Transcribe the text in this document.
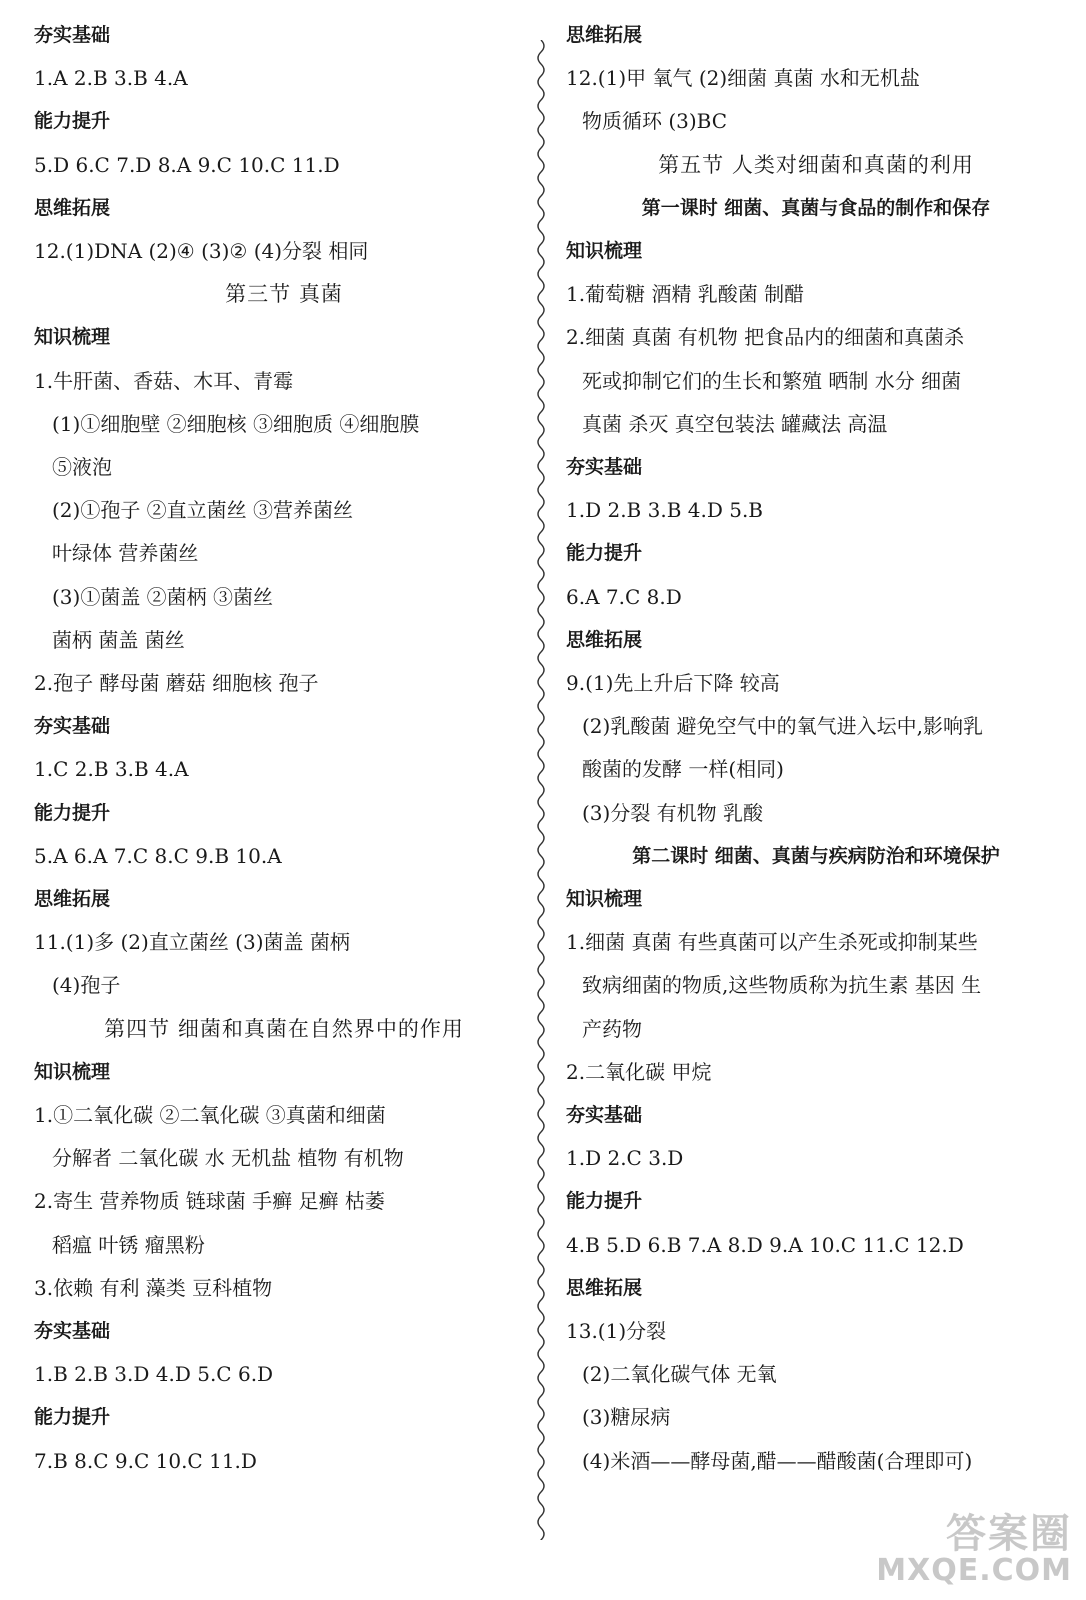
夯实基础
1.A 2.B 3.B 4.A
能力提升
5.D 6.C 7.D 8.A 9.C 10.C 11.D
思维拓展
12.(1)DNA (2)④ (3)② (4)分裂 相同
第三节 真菌
知识梳理
1.牛肝菌、香菇、木耳、青霉
(1)①细胞壁 ②细胞核 ③细胞质 ④细胞膜
⑤液泡
(2)①孢子 ②直立菌丝 ③营养菌丝
叶绿体 营养菌丝
(3)①菌盖 ②菌柄 ③菌丝
菌柄 菌盖 菌丝
2.孢子 酵母菌 蘑菇 细胞核 孢子
夯实基础
1.C 2.B 3.B 4.A
能力提升
5.A 6.A 7.C 8.C 9.B 10.A
思维拓展
11.(1)多 (2)直立菌丝 (3)菌盖 菌柄
(4)孢子
第四节 细菌和真菌在自然界中的作用
知识梳理
1.①二氧化碳 ②二氧化碳 ③真菌和细菌
分解者 二氧化碳 水 无机盐 植物 有机物
2.寄生 营养物质 链球菌 手癣 足癣 枯萎
稻瘟 叶锈 瘤黑粉
3.依赖 有利 藻类 豆科植物
夯实基础
1.B 2.B 3.D 4.D 5.C 6.D
能力提升
7.B 8.C 9.C 10.C 11.D
思维拓展
12.(1)甲 氧气 (2)细菌 真菌 水和无机盐
物质循环 (3)BC
第五节 人类对细菌和真菌的利用
第一课时 细菌、真菌与食品的制作和保存
知识梳理
1.葡萄糖 酒精 乳酸菌 制醋
2.细菌 真菌 有机物 把食品内的细菌和真菌杀
死或抑制它们的生长和繁殖 晒制 水分 细菌
真菌 杀灭 真空包装法 罐藏法 高温
夯实基础
1.D 2.B 3.B 4.D 5.B
能力提升
6.A 7.C 8.D
思维拓展
9.(1)先上升后下降 较高
(2)乳酸菌 避免空气中的氧气进入坛中,影响乳
酸菌的发酵 一样(相同)
(3)分裂 有机物 乳酸
第二课时 细菌、真菌与疾病防治和环境保护
知识梳理
1.细菌 真菌 有些真菌可以产生杀死或抑制某些
致病细菌的物质,这些物质称为抗生素 基因 生
产药物
2.二氧化碳 甲烷
夯实基础
1.D 2.C 3.D
能力提升
4.B 5.D 6.B 7.A 8.D 9.A 10.C 11.C 12.D
思维拓展
13.(1)分裂
(2)二氧化碳气体 无氧
(3)糖尿病
(4)米酒——酵母菌,醋——醋酸菌(合理即可)
答案圈
MXQE.COM
